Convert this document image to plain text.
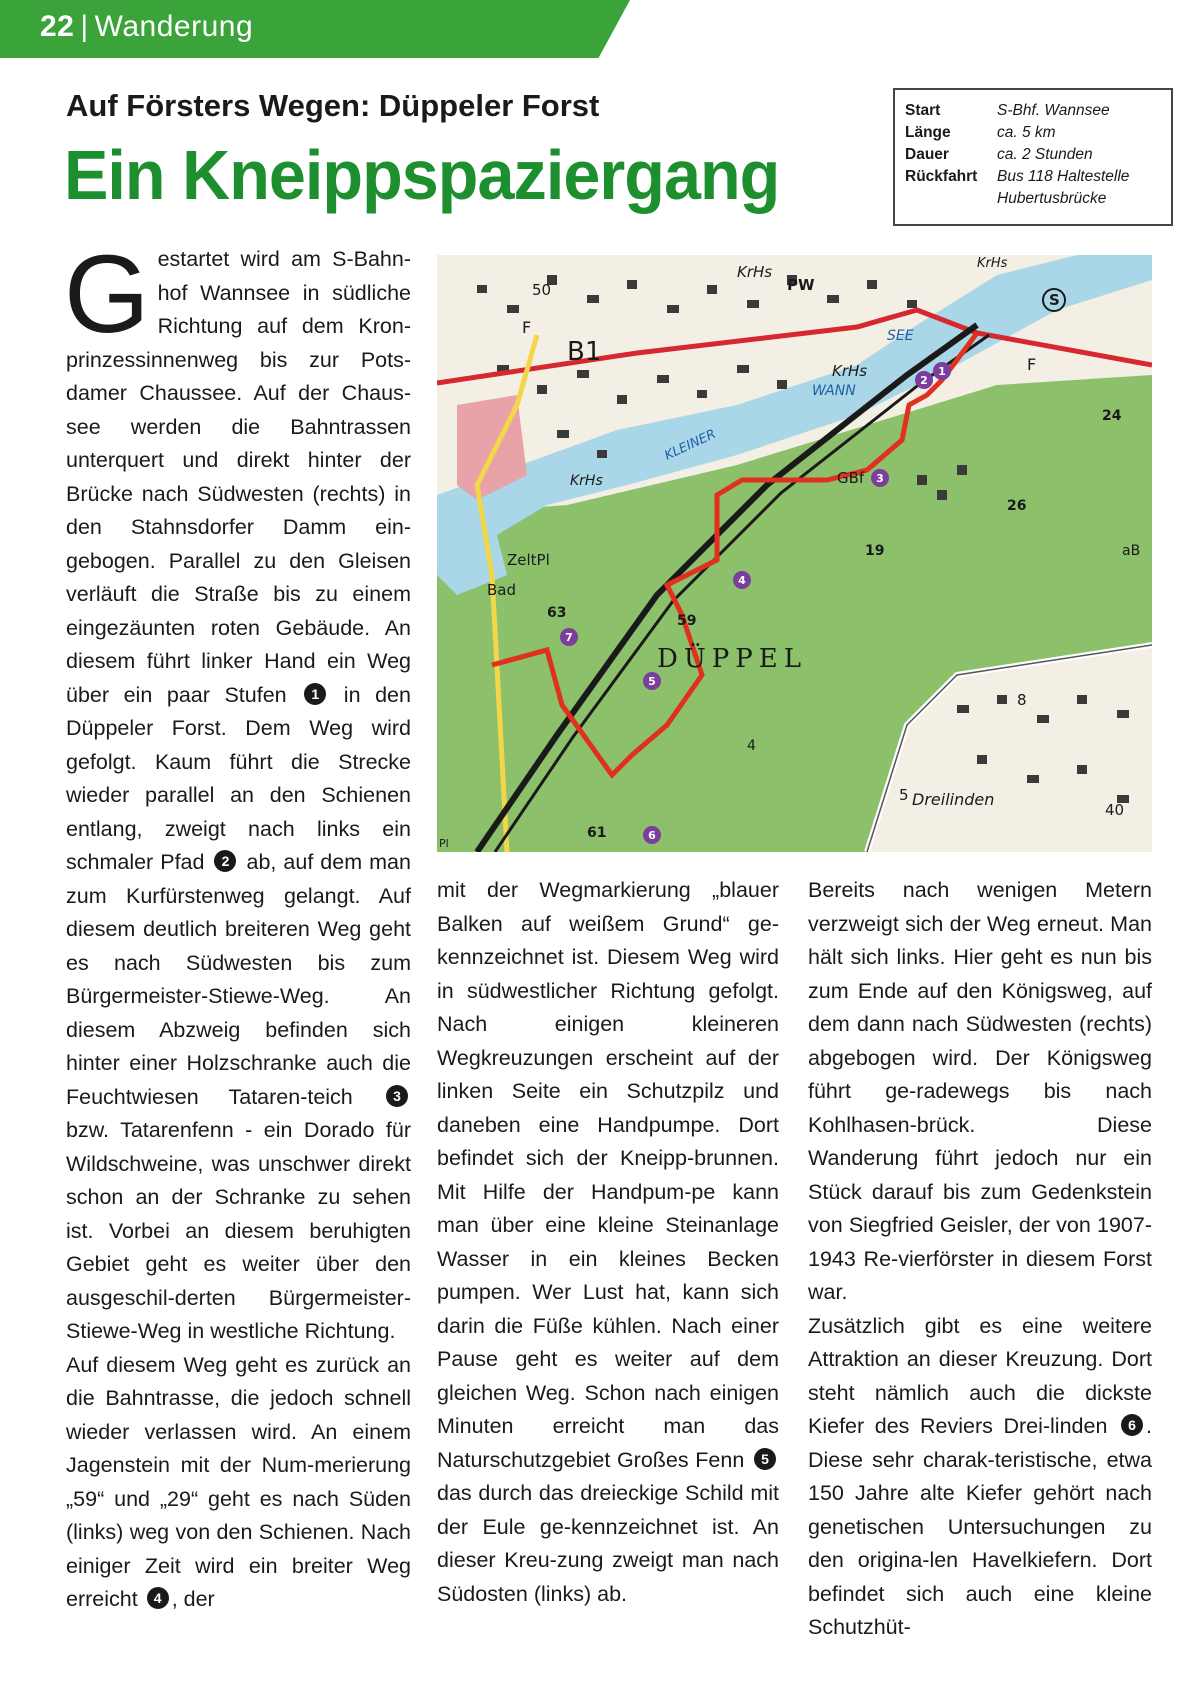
22 | Wanderung
Auf Försters Wegen: Düppeler Forst
Ein Kneippspaziergang
Start	S-Bhf. Wannsee
Länge	ca. 5 km
Dauer	ca. 2 Stunden
Rückfahrt	Bus 118 Haltestelle Hubertusbrücke
1
2
3
4
5
6
7
KrHs
PW
KrHs
KrHs
KrHs
B1
F
F
50
SEE
WANN
KLEINER
GBf
24
26
19	aB
ZeltPl
Bad
59
63
DÜPPEL
61
8
5 Dreilinden
40
4
S
Pl

Gestartet wird am S-Bahn-hof Wannsee in südliche Richtung auf dem Kron-prinzessinnenweg bis zur Pots-damer Chaussee. Auf der Chaus-see werden die Bahntrassen unterquert und direkt hinter der Brücke nach Südwesten (rechts) in den Stahnsdorfer Damm ein-gebogen. Parallel zu den Gleisen verläuft die Straße bis zu einem eingezäunten roten Gebäude. An diesem führt linker Hand ein Weg über ein paar Stufen 1 in den Düppeler Forst. Dem Weg wird gefolgt. Kaum führt die Strecke wieder parallel an den Schienen entlang, zweigt nach links ein schmaler Pfad 2 ab, auf dem man zum Kurfürstenweg gelangt. Auf diesem deutlich breiteren Weg geht es nach Südwesten bis zum Bürgermeister-Stiewe-Weg. An diesem Abzweig befinden sich hinter einer Holzschranke auch die Feuchtwiesen Tataren-teich	3 bzw. Tatarenfenn - ein Dorado für Wildschweine, was unschwer direkt schon an der Schranke zu sehen ist. Vorbei an diesem beruhigten Gebiet geht es weiter über den ausgeschil-derten Bürgermeister-Stiewe-Weg in westliche Richtung.

Auf diesem Weg geht es zurück an die Bahntrasse, die jedoch schnell wieder verlassen wird. An einem Jagenstein mit der Num-merierung „59“ und „29“ geht es nach Süden (links) weg von den Schienen. Nach einiger Zeit wird ein breiter Weg erreicht 4 , der

mit der Wegmarkierung „blauer Balken auf weißem Grund“ ge-kennzeichnet ist. Diesem Weg wird in südwestlicher Richtung gefolgt. Nach einigen kleineren Wegkreuzungen erscheint auf der linken Seite ein Schutzpilz und daneben eine Handpumpe. Dort befindet sich der Kneipp-brunnen. Mit Hilfe der Handpum-pe kann man über eine kleine Steinanlage Wasser in ein kleines Becken pumpen. Wer Lust hat, kann sich darin die Füße kühlen. Nach einer Pause geht es weiter auf dem gleichen Weg. Schon nach einigen Minuten erreicht man das Naturschutzgebiet Großes Fenn 5 das durch das dreieckige Schild mit der Eule ge-kennzeichnet ist. An dieser Kreu-zung zweigt man nach Südosten (links) ab.

Bereits nach wenigen Metern verzweigt sich der Weg erneut. Man hält sich links. Hier geht es nun bis zum Ende auf den Königsweg, auf dem dann nach Südwesten (rechts) abgebogen wird. Der Königsweg führt ge-radewegs bis nach Kohlhasen-brück. Diese Wanderung führt jedoch nur ein Stück darauf bis zum Gedenkstein von Siegfried Geisler, der von 1907-1943 Re-vierförster in diesem Forst war.

Zusätzlich gibt es eine weitere Attraktion an dieser Kreuzung. Dort steht nämlich auch die dickste Kiefer des Reviers Drei-linden 6 . Diese sehr charak-teristische, etwa 150 Jahre alte Kiefer gehört nach genetischen Untersuchungen zu den origina-len Havelkiefern. Dort befindet sich auch eine kleine Schutzhüt-
